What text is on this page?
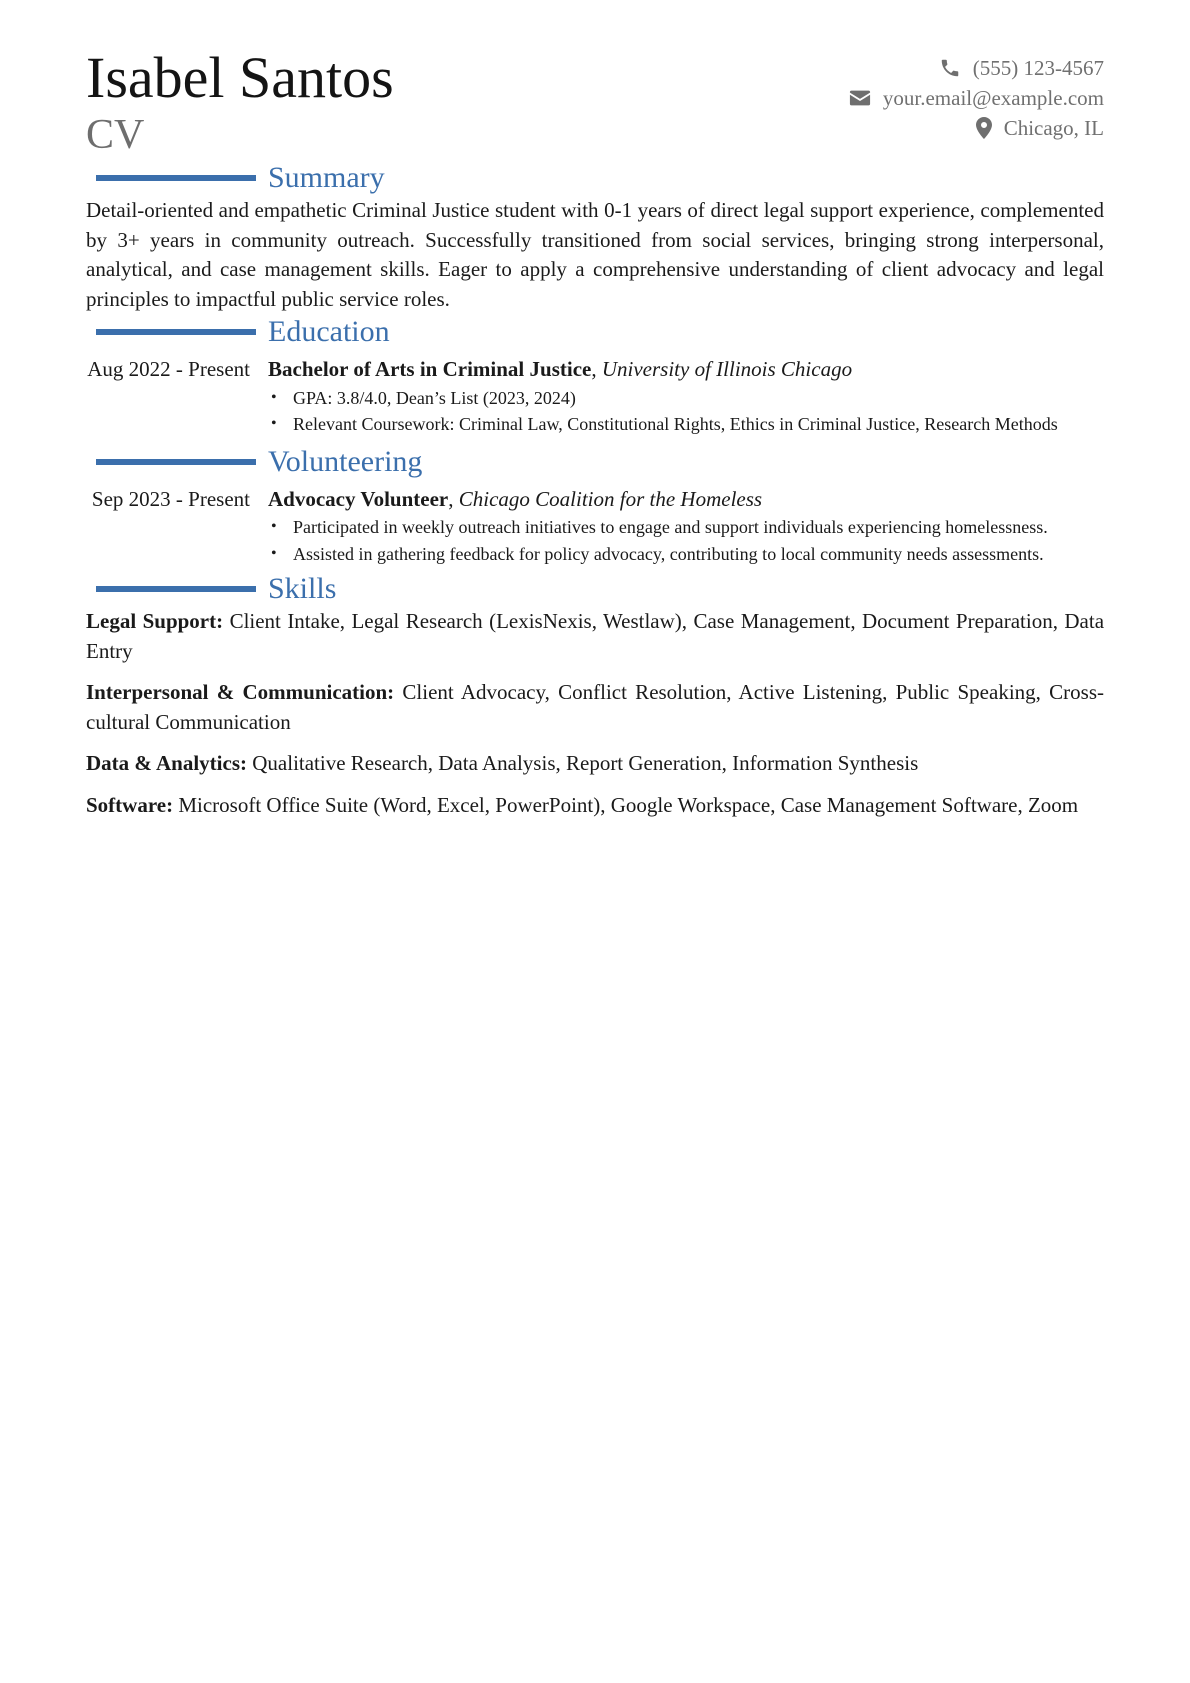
Isabel Santos
CV
(555) 123-4567
your.email@example.com
Chicago, IL
Summary

Detail-oriented and empathetic Criminal Justice student with 0-1 years of direct legal support experience, complemented by 3+ years in community outreach. Successfully transitioned from social services, bringing strong interpersonal, analytical, and case management skills. Eager to apply a comprehensive understanding of client advocacy and legal principles to impactful public service roles.

Education
Aug 2022 - Present Bachelor of Arts in Criminal Justice, University of Illinois Chicago
• GPA: 3.8/4.0, Dean’s List (2023, 2024)
• Relevant Coursework: Criminal Law, Constitutional Rights, Ethics in Criminal Justice, Research Methods
Volunteering
Sep 2023 - Present Advocacy Volunteer, Chicago Coalition for the Homeless
• Participated in weekly outreach initiatives to engage and support individuals experiencing homelessness.
• Assisted in gathering feedback for policy advocacy, contributing to local community needs assessments.
Skills

Legal Support: Client Intake, Legal Research (LexisNexis, Westlaw), Case Management, Document Preparation, Data Entry

Interpersonal & Communication: Client Advocacy, Conflict Resolution, Active Listening, Public Speaking, Cross-cultural Communication

Data & Analytics: Qualitative Research, Data Analysis, Report Generation, Information Synthesis

Software: Microsoft Office Suite (Word, Excel, PowerPoint), Google Workspace, Case Management Software, Zoom
